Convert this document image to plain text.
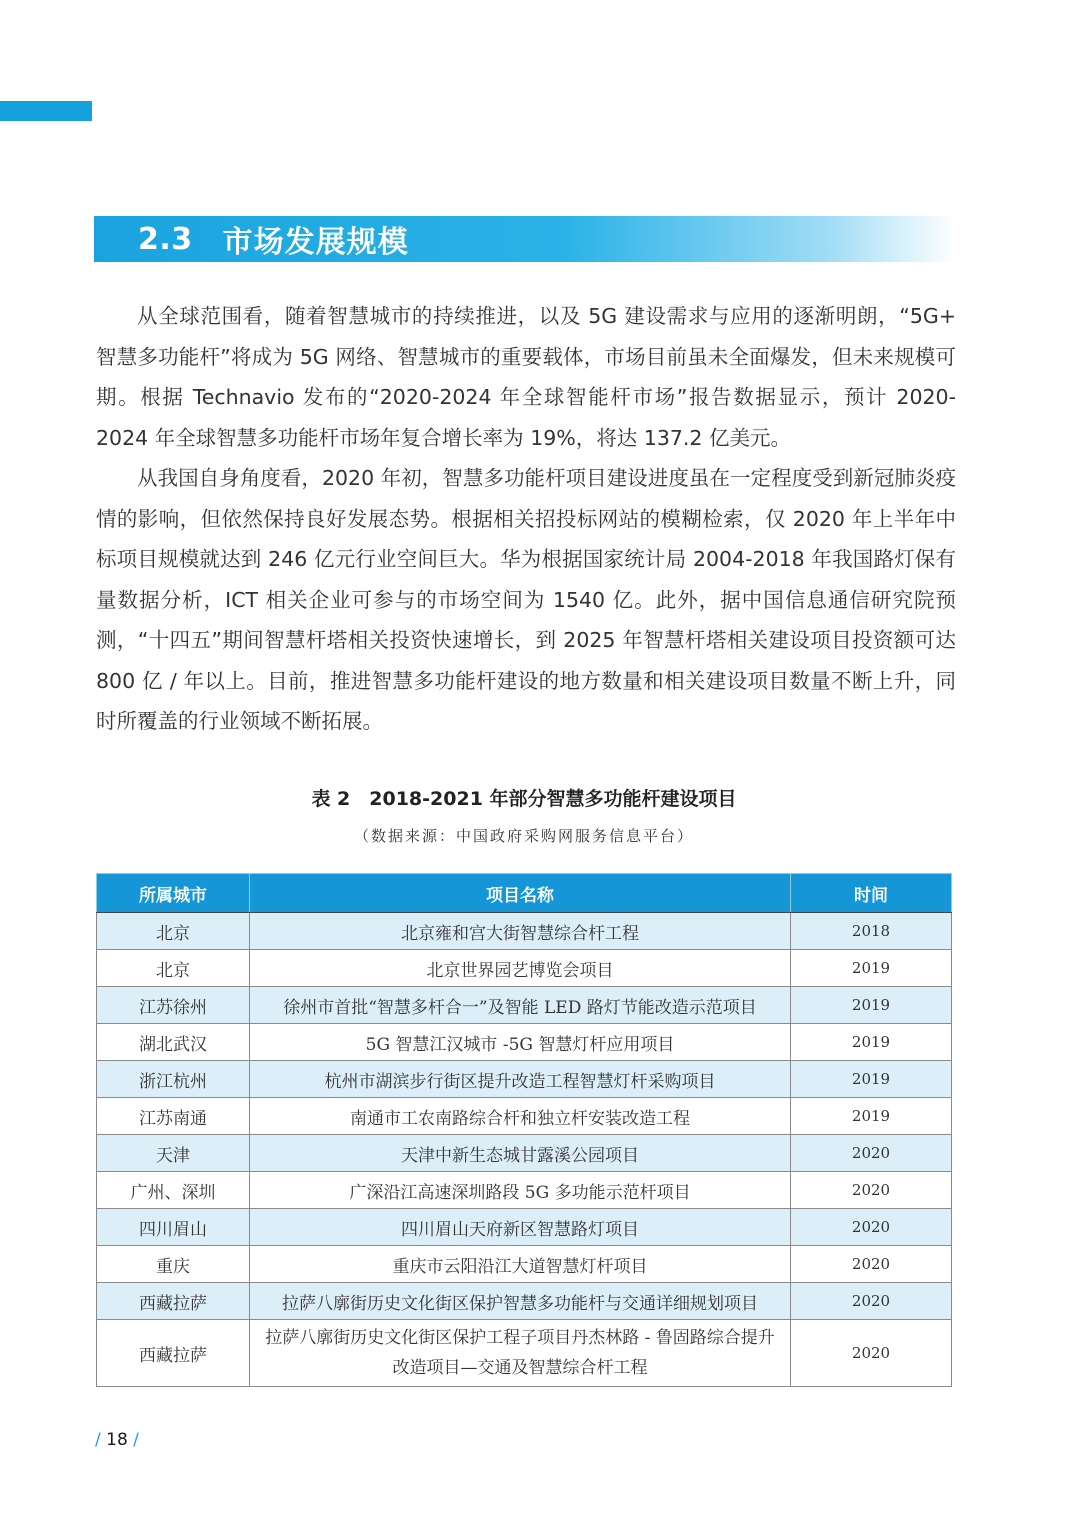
2.3 市场发展规模

从全球范围看，随着智慧城市的持续推进，以及 5G 建设需求与应用的逐渐明朗，“5G+ 智慧多功能杆”将成为 5G 网络、智慧城市的重要载体，市场目前虽未全面爆发，但未来规模可期。根据 Technavio 发布的“2020-2024 年全球智能杆市场”报告数据显示，预计 2020-2024 年全球智慧多功能杆市场年复合增长率为 19%，将达 137.2 亿美元。

从我国自身角度看，2020 年初，智慧多功能杆项目建设进度虽在一定程度受到新冠肺炎疫情的影响，但依然保持良好发展态势。根据相关招投标网站的模糊检索，仅 2020 年上半年中标项目规模就达到 246 亿元行业空间巨大。华为根据国家统计局 2004-2018 年我国路灯保有量数据分析，ICT 相关企业可参与的市场空间为 1540 亿。此外，据中国信息通信研究院预测，“十四五”期间智慧杆塔相关投资快速增长，到 2025 年智慧杆塔相关建设项目投资额可达 800 亿 / 年以上。目前，推进智慧多功能杆建设的地方数量和相关建设项目数量不断上升，同时所覆盖的行业领域不断拓展。

表 2　2018-2021 年部分智慧多功能杆建设项目
（数据来源：中国政府采购网服务信息平台）
所属城市	项目名称	时间
北京	北京雍和宫大街智慧综合杆工程	2018
北京	北京世界园艺博览会项目	2019
江苏徐州	徐州市首批“智慧多杆合一”及智能 LED 路灯节能改造示范项目	2019
湖北武汉	5G 智慧江汉城市 -5G 智慧灯杆应用项目	2019
浙江杭州	杭州市湖滨步行街区提升改造工程智慧灯杆采购项目	2019
江苏南通	南通市工农南路综合杆和独立杆安装改造工程	2019
天津	天津中新生态城甘露溪公园项目	2020
广州、深圳	广深沿江高速深圳路段 5G 多功能示范杆项目	2020
四川眉山	四川眉山天府新区智慧路灯项目	2020
重庆	重庆市云阳沿江大道智慧灯杆项目	2020
西藏拉萨	拉萨八廓街历史文化街区保护智慧多功能杆与交通详细规划项目	2020
西藏拉萨	拉萨八廓街历史文化街区保护工程子项目丹杰林路 - 鲁固路综合提升改造项目—交通及智慧综合杆工程	2020
/ 18 /
